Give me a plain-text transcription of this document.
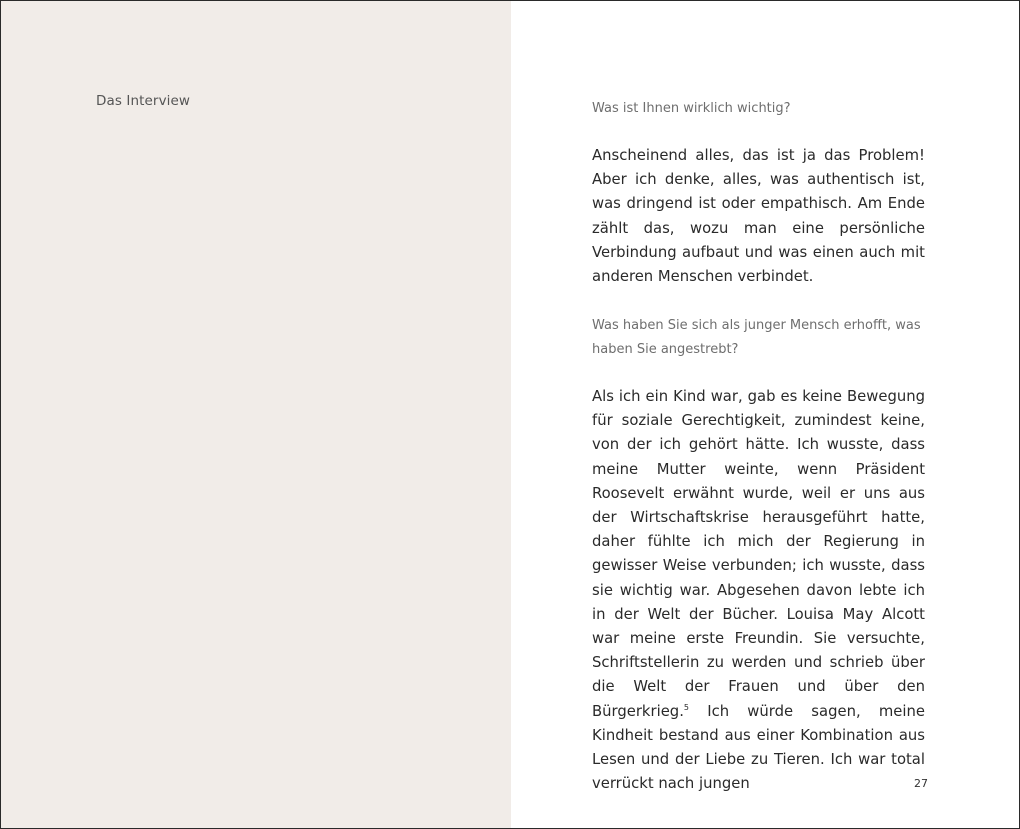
Das Interview	Was ist Ihnen wirklich wichtig?

Anscheinend alles, das ist ja das Problem! Aber ich denke, alles, was authentisch ist, was dringend ist oder empathisch. Am Ende zählt das, wozu man eine persönliche Verbindung aufbaut und was einen auch mit anderen Menschen verbindet.

Was haben Sie sich als junger Mensch erhofft, was haben Sie angestrebt?

Als ich ein Kind war, gab es keine Bewegung für soziale Gerechtigkeit, zumindest keine, von der ich gehört hätte. Ich wusste, dass meine Mutter weinte, wenn Präsident Roosevelt erwähnt wurde, weil er uns aus der Wirtschaftskrise herausgeführt hatte, daher fühlte ich mich der Regierung in gewisser Weise verbunden; ich wusste, dass sie wichtig war. Abgesehen davon lebte ich in der Welt der Bücher. Louisa May Alcott war meine erste Freundin. Sie versuchte, Schriftstellerin zu werden und schrieb über die Welt der Frauen und über den Bürgerkrieg.$^5$ Ich würde sagen, meine Kindheit bestand aus einer Kombination aus Lesen und der Liebe zu Tieren. Ich war total verrückt nach jungen	27
